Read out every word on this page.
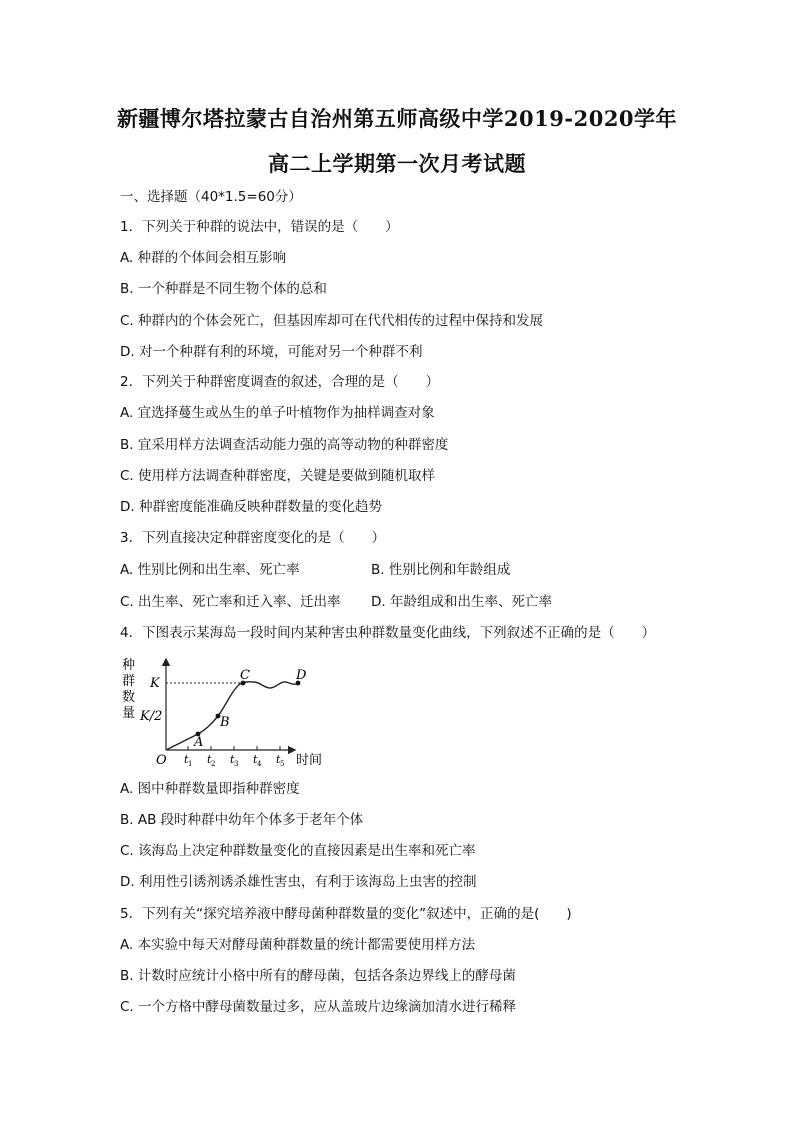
新疆博尔塔拉蒙古自治州第五师高级中学2019-2020学年
高二上学期第一次月考试题
一、选择题（40*1.5=60分）
1．下列关于种群的说法中，错误的是（　　）
A. 种群的个体间会相互影响
B. 一个种群是不同生物个体的总和
C. 种群内的个体会死亡，但基因库却可在代代相传的过程中保持和发展
D. 对一个种群有利的环境，可能对另一个种群不利
2．下列关于种群密度调查的叙述，合理的是（　　）
A. 宜选择蔓生或丛生的单子叶植物作为抽样调查对象
B. 宜采用样方法调查活动能力强的高等动物的种群密度
C. 使用样方法调查种群密度，关键是要做到随机取样
D. 种群密度能准确反映种群数量的变化趋势
3．下列直接决定种群密度变化的是（　　）
A. 性别比例和出生率、死亡率	B. 性别比例和年龄组成
C. 出生率、死亡率和迁入率、迁出率 D. 年龄组成和出生率、死亡率
4．下图表示某海岛一段时间内某种害虫种群数量变化曲线，下列叙述不正确的是（　　）
种
群
数
量
K
K/2
A
B
C	D
O t 1 t 2 t 3 t 4 t 5 时间
A. 图中种群数量即指种群密度
B. AB 段时种群中幼年个体多于老年个体
C. 该海岛上决定种群数量变化的直接因素是出生率和死亡率
D. 利用性引诱剂诱杀雄性害虫，有利于该海岛上虫害的控制
5．下列有关“探究培养液中酵母菌种群数量的变化”叙述中，正确的是(　　)
A. 本实验中每天对酵母菌种群数量的统计都需要使用样方法
B. 计数时应统计小格中所有的酵母菌，包括各条边界线上的酵母菌
C. 一个方格中酵母菌数量过多，应从盖玻片边缘滴加清水进行稀释
